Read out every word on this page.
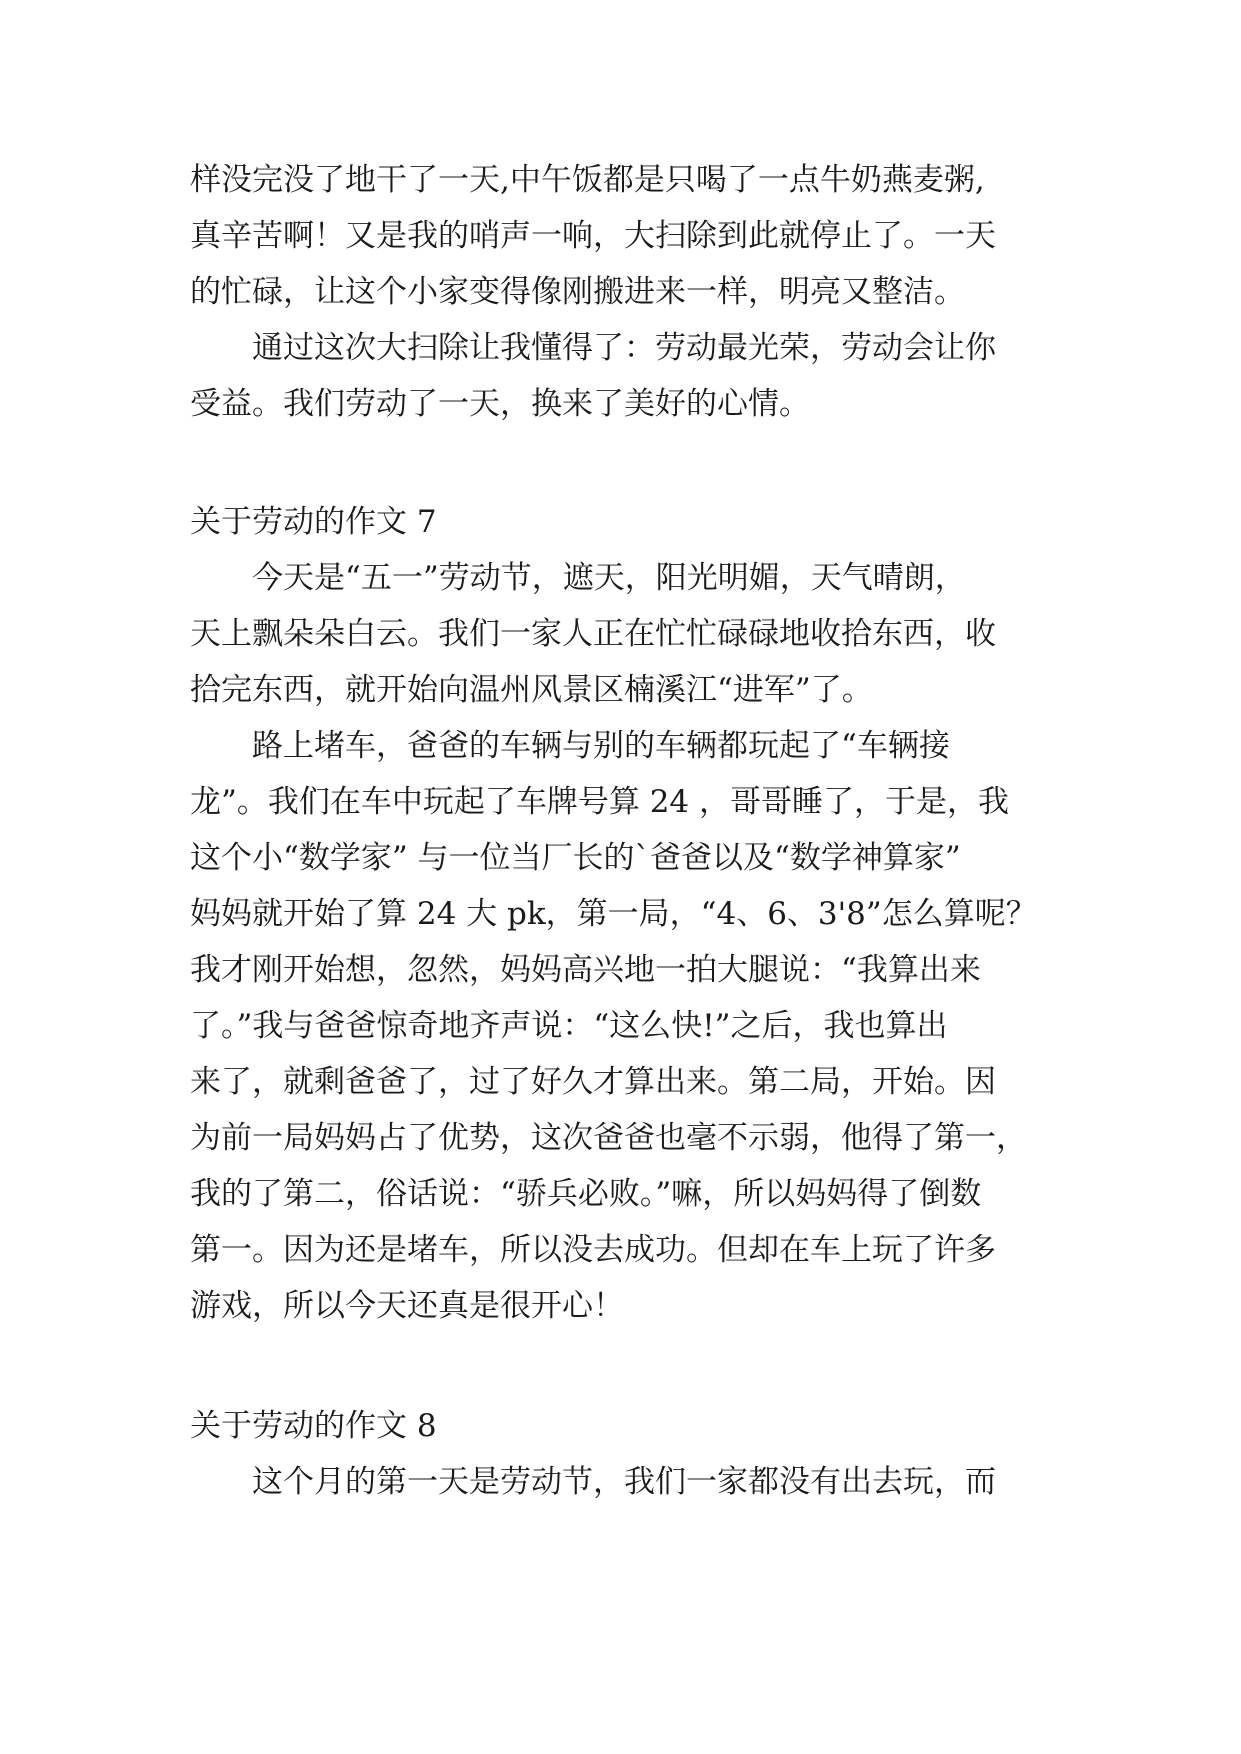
样没完没了地干了一天,中午饭都是只喝了一点牛奶燕麦粥,

真辛苦啊！又是我的哨声一响，大扫除到此就停止了。一天

的忙碌，让这个小家变得像刚搬进来一样，明亮又整洁。

通过这次大扫除让我懂得了：劳动最光荣，劳动会让你

受益。我们劳动了一天，换来了美好的心情。

关于劳动的作文 7

今天是“五一”劳动节，遮天，阳光明媚，天气晴朗，

天上飘朵朵白云。我们一家人正在忙忙碌碌地收拾东西，收

拾完东西，就开始向温州风景区楠溪江“进军”了。

路上堵车，爸爸的车辆与别的车辆都玩起了“车辆接

龙”。我们在车中玩起了车牌号算 24 ，哥哥睡了，于是，我

这个小“数学家” 与一位当厂长的`爸爸以及“数学神算家”

妈妈就开始了算 24 大 pk，第一局，“4、6、3'8”怎么算呢？

我才刚开始想，忽然，妈妈高兴地一拍大腿说：“我算出来

了。”我与爸爸惊奇地齐声说：“这么快!”之后，我也算出

来了，就剩爸爸了，过了好久才算出来。第二局，开始。因

为前一局妈妈占了优势，这次爸爸也毫不示弱，他得了第一，

我的了第二，俗话说：“骄兵必败。”嘛，所以妈妈得了倒数

第一。因为还是堵车，所以没去成功。但却在车上玩了许多

游戏，所以今天还真是很开心！

关于劳动的作文 8

这个月的第一天是劳动节，我们一家都没有出去玩，而
